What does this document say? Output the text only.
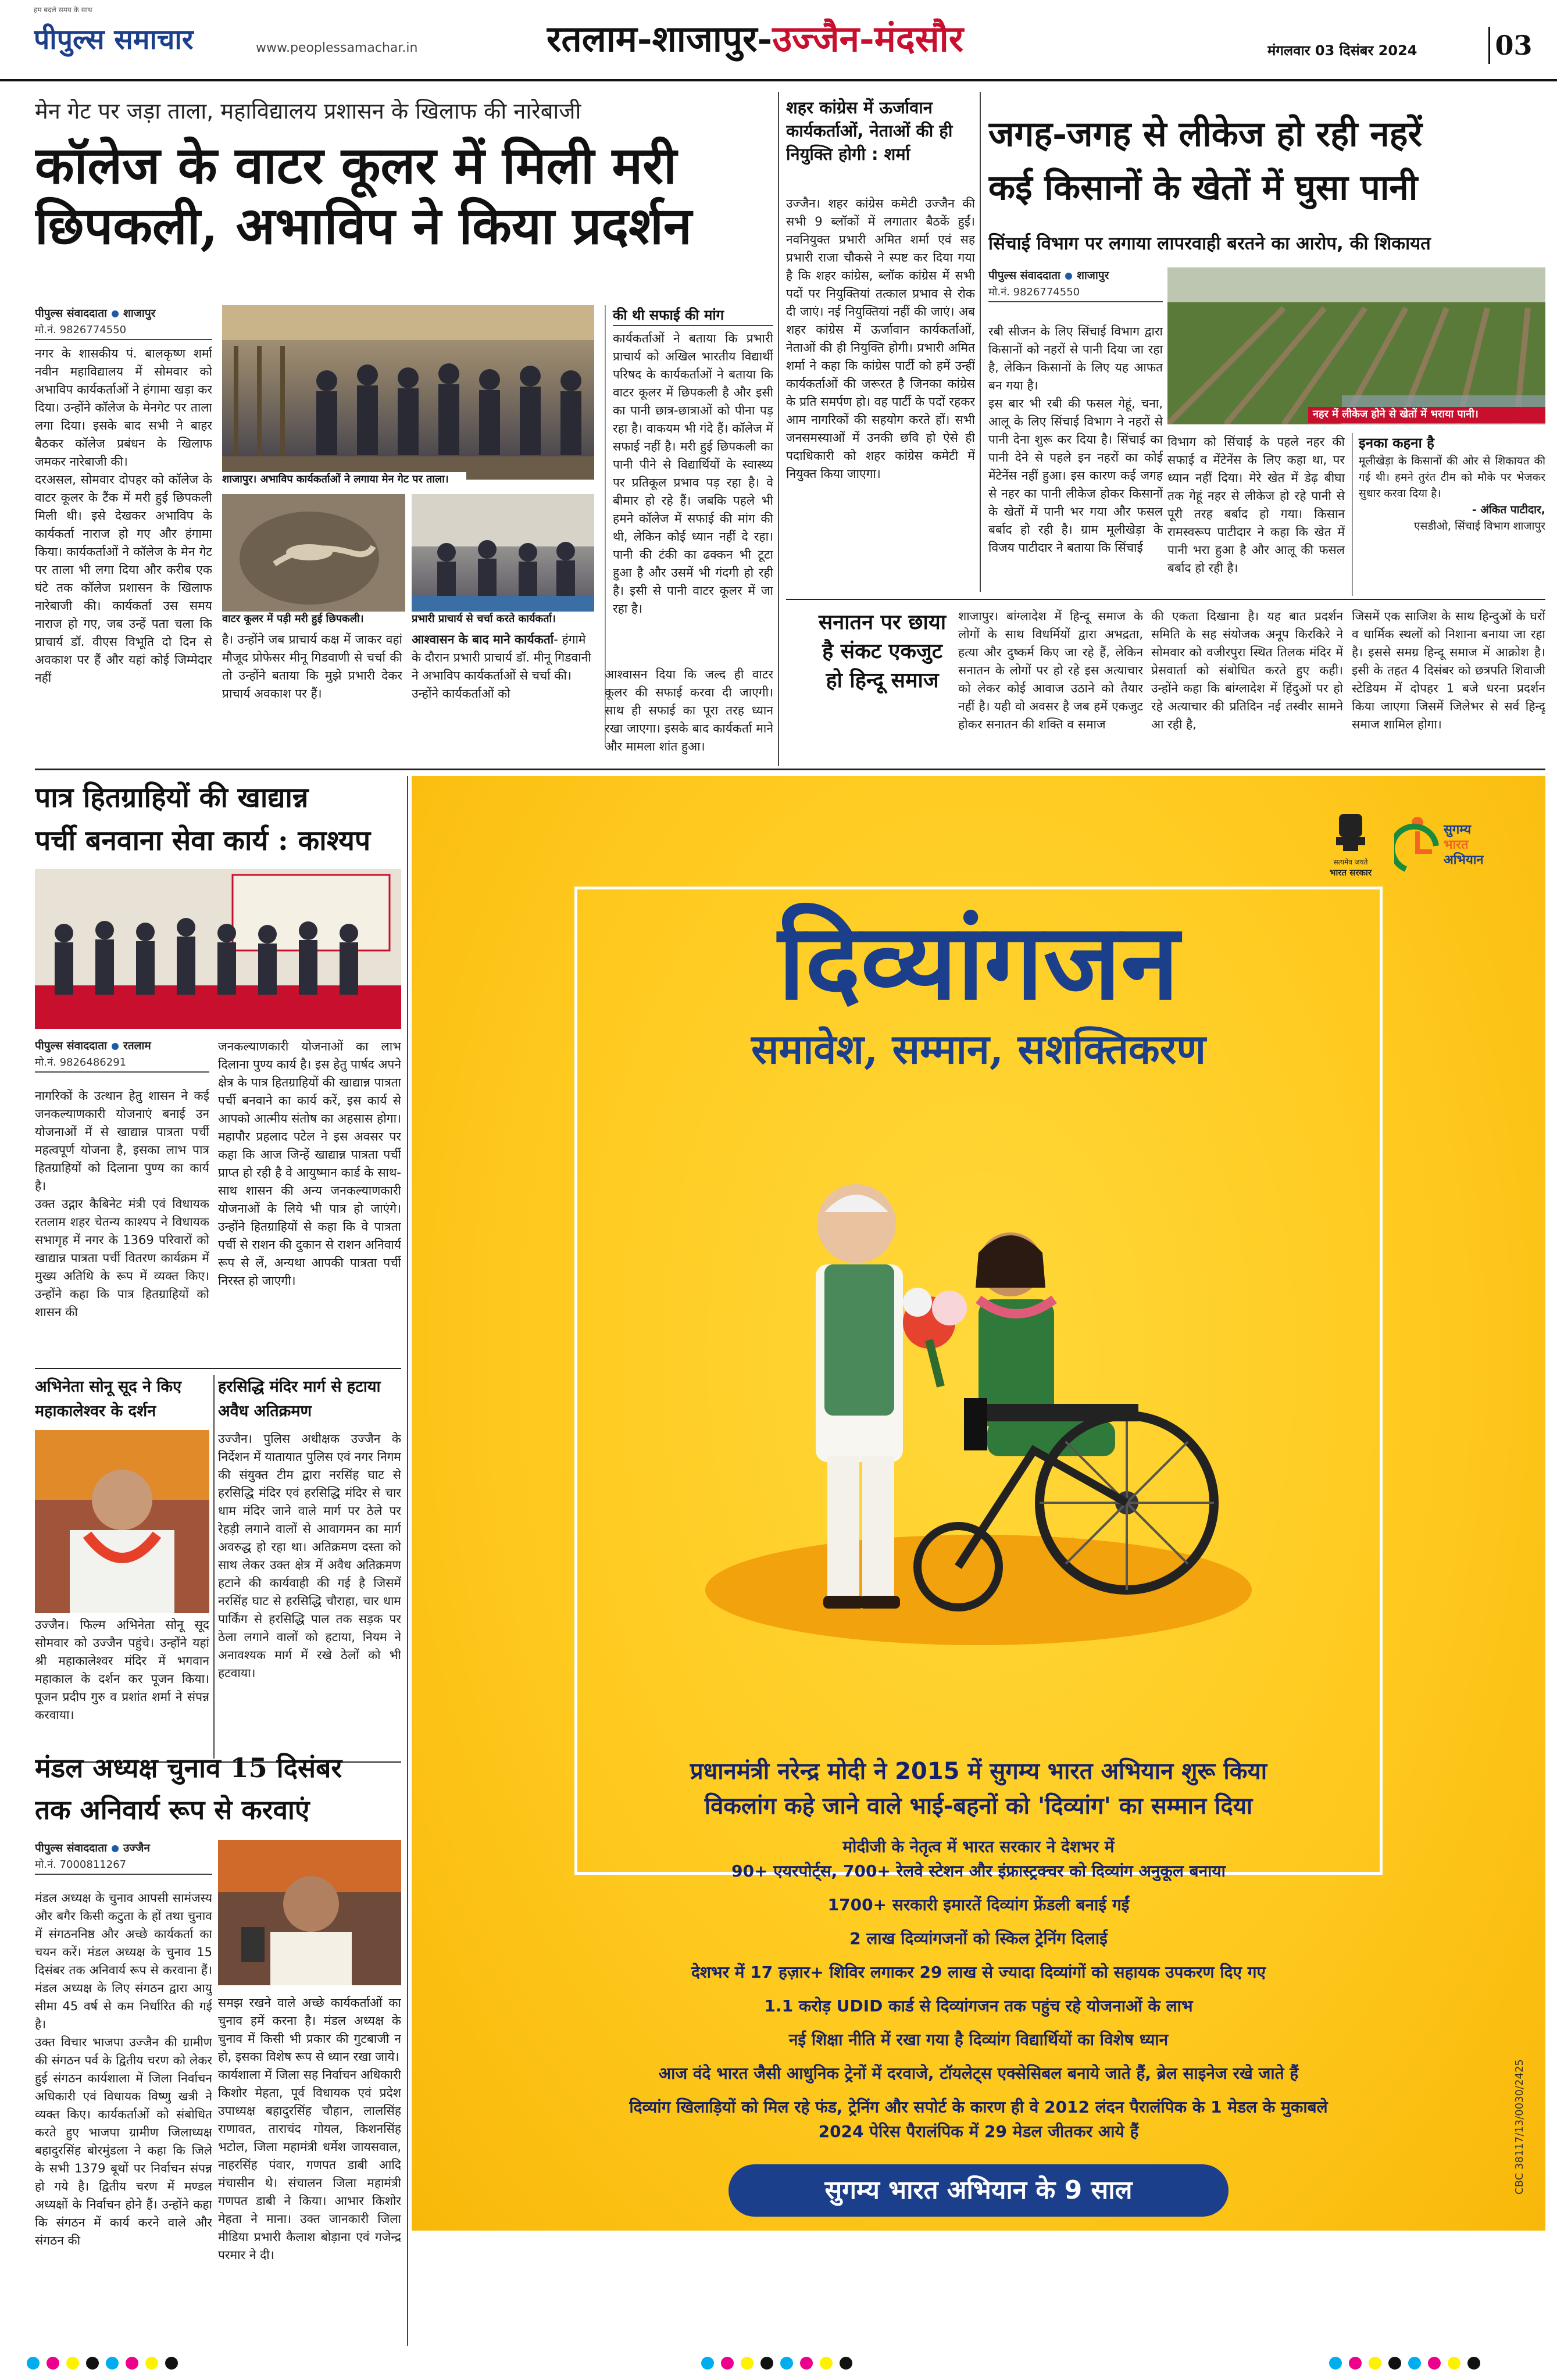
हम बदले समय के साथ
पीपुल्स समाचार	www.peoplessamachar.in	रतलाम-शाजापुर-उज्जैन-मंदसौर	मंगलवार 03 दिसंबर 2024	03
मेन गेट पर जड़ा ताला, महाविद्यालय प्रशासन के खिलाफ की नारेबाजी
कॉलेज के वाटर कूलर में मिली मरी
छिपकली, अभाविप ने किया प्रदर्शन
पीपुल्स संवाददाता शाजापुर
मो.नं. 9826774550
नगर के शासकीय पं. बालकृष्ण शर्मा नवीन महाविद्यालय में सोमवार को अभाविप कार्यकर्ताओं ने हंगामा खड़ा कर दिया। उन्होंने कॉलेज के मेनगेट पर ताला लगा दिया। इसके बाद सभी ने बाहर बैठकर कॉलेज प्रबंधन के खिलाफ जमकर नारेबाजी की।
दरअसल, सोमवार दोपहर को कॉलेज के वाटर कूलर के टैंक में मरी हुई छिपकली मिली थी। इसे देखकर अभाविप के कार्यकर्ता नाराज हो गए और हंगामा किया। कार्यकर्ताओं ने कॉलेज के मेन गेट पर ताला भी लगा दिया और करीब एक घंटे तक कॉलेज प्रशासन के खिलाफ नारेबाजी की। कार्यकर्ता उस समय नाराज हो गए, जब उन्हें पता चला कि प्राचार्य डॉ. वीएस विभूति दो दिन से अवकाश पर हैं और यहां कोई जिम्मेदार नहीं
शाजापुर। अभाविप कार्यकर्ताओं ने लगाया मेन गेट पर ताला।
वाटर कूलर में पड़ी मरी हुई छिपकली।	प्रभारी प्राचार्य से चर्चा करते कार्यकर्ता।
है। उन्होंने जब प्राचार्य कक्ष में जाकर वहां मौजूद प्रोफेसर मीनू गिडवाणी से चर्चा की तो उन्होंने बताया कि मुझे प्रभारी देकर प्राचार्य अवकाश पर हैं।
आश्वासन के बाद माने कार्यकर्ता- हंगामे के दौरान प्रभारी प्राचार्य डॉ. मीनू गिडवानी ने अभाविप कार्यकर्ताओं से चर्चा की। उन्होंने कार्यकर्ताओं को
की थी सफाई की मांग
कार्यकर्ताओं ने बताया कि प्रभारी प्राचार्य को अखिल भारतीय विद्यार्थी परिषद के कार्यकर्ताओं ने बताया कि वाटर कूलर में छिपकली है और इसी का पानी छात्र-छात्राओं को पीना पड़ रहा है। वाकयम भी गंदे हैं। कॉलेज में सफाई नहीं है। मरी हुई छिपकली का पानी पीने से विद्यार्थियों के स्वास्थ्य पर प्रतिकूल प्रभाव पड़ रहा है। वे बीमार हो रहे हैं। जबकि पहले भी हमने कॉलेज में सफाई की मांग की थी, लेकिन कोई ध्यान नहीं दे रहा। पानी की टंकी का ढक्कन भी टूटा हुआ है और उसमें भी गंदगी हो रही है। इसी से पानी वाटर कूलर में जा रहा है।
आश्वासन दिया कि जल्द ही वाटर कूलर की सफाई करवा दी जाएगी। साथ ही सफाई का पूरा तरह ध्यान रखा जाएगा। इसके बाद कार्यकर्ता माने और मामला शांत हुआ।
शहर कांग्रेस में ऊर्जावान कार्यकर्ताओं, नेताओं की ही नियुक्ति होगी : शर्मा
उज्जैन। शहर कांग्रेस कमेटी उज्जैन की सभी 9 ब्लॉकों में लगातार बैठकें हुईं। नवनियुक्त प्रभारी अमित शर्मा एवं सह प्रभारी राजा चौकसे ने स्पष्ट कर दिया गया है कि शहर कांग्रेस, ब्लॉक कांग्रेस में सभी पदों पर नियुक्तियां तत्काल प्रभाव से रोक दी जाएं। नई नियुक्तियां नहीं की जाएं। अब शहर कांग्रेस में ऊर्जावान कार्यकर्ताओं, नेताओं की ही नियुक्ति होगी। प्रभारी अमित शर्मा ने कहा कि कांग्रेस पार्टी को हमें उन्हीं कार्यकर्ताओं की जरूरत है जिनका कांग्रेस के प्रति समर्पण हो। वह पार्टी के पदों रहकर आम नागरिकों की सहयोग करते हों। सभी जनसमस्याओं में उनकी छवि हो ऐसे ही पदाधिकारी को शहर कांग्रेस कमेटी में नियुक्त किया जाएगा।
जगह-जगह से लीकेज हो रही नहरें
कई किसानों के खेतों में घुसा पानी
सिंचाई विभाग पर लगाया लापरवाही बरतने का आरोप, की शिकायत
पीपुल्स संवाददाता शाजापुर
मो.नं. 9826774550
रबी सीजन के लिए सिंचाई विभाग द्वारा किसानों को नहरों से पानी दिया जा रहा है, लेकिन किसानों के लिए यह आफत बन गया है।
इस बार भी रबी की फसल गेहूं, चना, आलू के लिए सिंचाई विभाग ने नहरों से पानी देना शुरू कर दिया है। सिंचाई का पानी देने से पहले इन नहरों का कोई मेंटेनेंस नहीं हुआ। इस कारण कई जगह से नहर का पानी लीकेज होकर किसानों के खेतों में पानी भर गया और फसल बर्बाद हो रही है। ग्राम मूलीखेड़ा के विजय पाटीदार ने बताया कि सिंचाई
नहर में लीकेज होने से खेतों में भराया पानी।
विभाग को सिंचाई के पहले नहर की सफाई व मेंटेनेंस के लिए कहा था, पर ध्यान नहीं दिया। मेरे खेत में डेढ़ बीघा तक गेहूं नहर से लीकेज हो रहे पानी से पूरी तरह बर्बाद हो गया। किसान रामस्वरूप पाटीदार ने कहा कि खेत में पानी भरा हुआ है और आलू की फसल बर्बाद हो रही है।
इनका कहना है
मूलीखेड़ा के किसानों की ओर से शिकायत की गई थी। हमने तुरंत टीम को मौके पर भेजकर सुधार करवा दिया है।
- अंकित पाटीदार,
एसडीओ, सिंचाई विभाग शाजापुर
सनातन पर छाया है संकट एकजुट हो हिन्दू समाज
शाजापुर। बांग्लादेश में हिन्दू समाज के लोगों के साथ विधर्मियों द्वारा अभद्रता, हत्या और दुष्कर्म किए जा रहे हैं, लेकिन सनातन के लोगों पर हो रहे इस अत्याचार को लेकर कोई आवाज उठाने को तैयार नहीं है। यही वो अवसर है जब हमें एकजुट होकर सनातन की शक्ति व समाज
की एकता दिखाना है। यह बात प्रदर्शन समिति के सह संयोजक अनूप किरकिरे ने सोमवार को वजीरपुरा स्थित तिलक मंदिर में प्रेसवार्ता को संबोधित करते हुए कही। उन्होंने कहा कि बांग्लादेश में हिंदुओं पर हो रहे अत्याचार की प्रतिदिन नई तस्वीर सामने आ रही है,
जिसमें एक साजिश के साथ हिन्दुओं के घरों व धार्मिक स्थलों को निशाना बनाया जा रहा है। इससे समग्र हिन्दू समाज में आक्रोश है। इसी के तहत 4 दिसंबर को छत्रपति शिवाजी स्टेडियम में दोपहर 1 बजे धरना प्रदर्शन किया जाएगा जिसमें जिलेभर से सर्व हिन्दू समाज शामिल होगा।
पात्र हितग्राहियों की खाद्यान्न
पर्ची बनवाना सेवा कार्य : काश्यप
पीपुल्स संवाददाता रतलाम
मो.नं. 9826486291
नागरिकों के उत्थान हेतु शासन ने कई जनकल्याणकारी योजनाएं बनाई उन योजनाओं में से खाद्यान्न पात्रता पर्ची महत्वपूर्ण योजना है, इसका लाभ पात्र हितग्राहियों को दिलाना पुण्य का कार्य है।
उक्त उद्गार कैबिनेट मंत्री एवं विधायक रतलाम शहर चेतन्य काश्यप ने विधायक सभागृह में नगर के 1369 परिवारों को खाद्यान्न पात्रता पर्ची वितरण कार्यक्रम में मुख्य अतिथि के रूप में व्यक्त किए। उन्होंने कहा कि पात्र हितग्राहियों को शासन की
जनकल्याणकारी योजनाओं का लाभ दिलाना पुण्य कार्य है। इस हेतु पार्षद अपने क्षेत्र के पात्र हितग्राहियों की खाद्यान्न पात्रता पर्ची बनवाने का कार्य करें, इस कार्य से आपको आत्मीय संतोष का अहसास होगा। महापौर प्रहलाद पटेल ने इस अवसर पर कहा कि आज जिन्हें खाद्यान्न पात्रता पर्ची प्राप्त हो रही है वे आयुष्मान कार्ड के साथ-साथ शासन की अन्य जनकल्याणकारी योजनाओं के लिये भी पात्र हो जाएंगे। उन्होंने हितग्राहियों से कहा कि वे पात्रता पर्ची से राशन की दुकान से राशन अनिवार्य रूप से लें, अन्यथा आपकी पात्रता पर्ची निरस्त हो जाएगी।
अभिनेता सोनू सूद ने किए महाकालेश्वर के दर्शन
उज्जैन। फिल्म अभिनेता सोनू सूद सोमवार को उज्जैन पहुंचे। उन्होंने यहां श्री महाकालेश्वर मंदिर में भगवान महाकाल के दर्शन कर पूजन किया। पूजन प्रदीप गुरु व प्रशांत शर्मा ने संपन्न करवाया।
हरसिद्धि मंदिर मार्ग से हटाया अवैध अतिक्रमण
उज्जैन। पुलिस अधीक्षक उज्जैन के निर्देशन में यातायात पुलिस एवं नगर निगम की संयुक्त टीम द्वारा नरसिंह घाट से हरसिद्धि मंदिर एवं हरसिद्धि मंदिर से चार धाम मंदिर जाने वाले मार्ग पर ठेले पर रेहड़ी लगाने वालों से आवागमन का मार्ग अवरुद्ध हो रहा था। अतिक्रमण दस्ता को साथ लेकर उक्त क्षेत्र में अवैध अतिक्रमण हटाने की कार्यवाही की गई है जिसमें नरसिंह घाट से हरसिद्धि चौराहा, चार धाम पार्किंग से हरसिद्धि पाल तक सड़क पर ठेला लगाने वालों को हटाया, नियम ने अनावश्यक मार्ग में रखे ठेलों को भी हटवाया।
मंडल अध्यक्ष चुनाव 15 दिसंबर
तक अनिवार्य रूप से करवाएं
पीपुल्स संवाददाता उज्जैन
मो.नं. 7000811267
मंडल अध्यक्ष के चुनाव आपसी सामंजस्य और बगैर किसी कटुता के हों तथा चुनाव में संगठननिष्ठ और अच्छे कार्यकर्ता का चयन करें। मंडल अध्यक्ष के चुनाव 15 दिसंबर तक अनिवार्य रूप से करवाना हैं। मंडल अध्यक्ष के लिए संगठन द्वारा आयु सीमा 45 वर्ष से कम निर्धारित की गई है।
उक्त विचार भाजपा उज्जैन की ग्रामीण की संगठन पर्व के द्वितीय चरण को लेकर हुई संगठन कार्यशाला में जिला निर्वाचन अधिकारी एवं विधायक विष्णु खत्री ने व्यक्त किए। कार्यकर्ताओं को संबोधित करते हुए भाजपा ग्रामीण जिलाध्यक्ष बहादुरसिंह बोरमुंडला ने कहा कि जिले के सभी 1379 बूथों पर निर्वाचन संपन्न हो गये है। द्वितीय चरण में मण्डल अध्यक्षों के निर्वाचन होने हैं। उन्होंने कहा कि संगठन में कार्य करने वाले और संगठन की
समझ रखने वाले अच्छे कार्यकर्ताओं का चुनाव हमें करना है। मंडल अध्यक्ष के चुनाव में किसी भी प्रकार की गुटबाजी न हो, इसका विशेष रूप से ध्यान रखा जाये।
कार्यशाला में जिला सह निर्वाचन अधिकारी किशोर मेहता, पूर्व विधायक एवं प्रदेश उपाध्यक्ष बहादुरसिंह चौहान, लालसिंह राणावत, ताराचंद गोयल, किशनसिंह भटोल, जिला महामंत्री धर्मेश जायसवाल, नाहरसिंह पंवार, गणपत डाबी आदि मंचासीन थे। संचालन जिला महामंत्री गणपत डाबी ने किया। आभार किशोर मेहता ने माना। उक्त जानकारी जिला मीडिया प्रभारी कैलाश बोड़ाना एवं गजेन्द्र परमार ने दी।
सत्यमेव जयते
भारत सरकार
सुगम्य
भारत
अभियान
दिव्यांगजन
समावेश, सम्मान, सशक्तिकरण
प्रधानमंत्री नरेन्द्र मोदी ने 2015 में सुगम्य भारत अभियान शुरू किया
विकलांग कहे जाने वाले भाई-बहनों को 'दिव्यांग' का सम्मान दिया
मोदीजी के नेतृत्व में भारत सरकार ने देशभर में
90+ एयरपोर्ट्स, 700+ रेलवे स्टेशन और इंफ्रास्ट्रक्चर को दिव्यांग अनुकूल बनाया
1700+ सरकारी इमारतें दिव्यांग फ्रेंडली बनाई गईं
2 लाख दिव्यांगजनों को स्किल ट्रेनिंग दिलाई
देशभर में 17 हज़ार+ शिविर लगाकर 29 लाख से ज्यादा दिव्यांगों को सहायक उपकरण दिए गए
1.1 करोड़ UDID कार्ड से दिव्यांगजन तक पहुंच रहे योजनाओं के लाभ
नई शिक्षा नीति में रखा गया है दिव्यांग विद्यार्थियों का विशेष ध्यान
आज वंदे भारत जैसी आधुनिक ट्रेनों में दरवाजे, टॉयलेट्स एक्सेसिबल बनाये जाते हैं, ब्रेल साइनेज रखे जाते हैं
दिव्यांग खिलाड़ियों को मिल रहे फंड, ट्रेनिंग और सपोर्ट के कारण ही वे 2012 लंदन पैरालंपिक के 1 मेडल के मुकाबले
2024 पेरिस पैरालंपिक में 29 मेडल जीतकर आये हैं
सुगम्य भारत अभियान के 9 साल	CBC 38117/13/0030/2425
